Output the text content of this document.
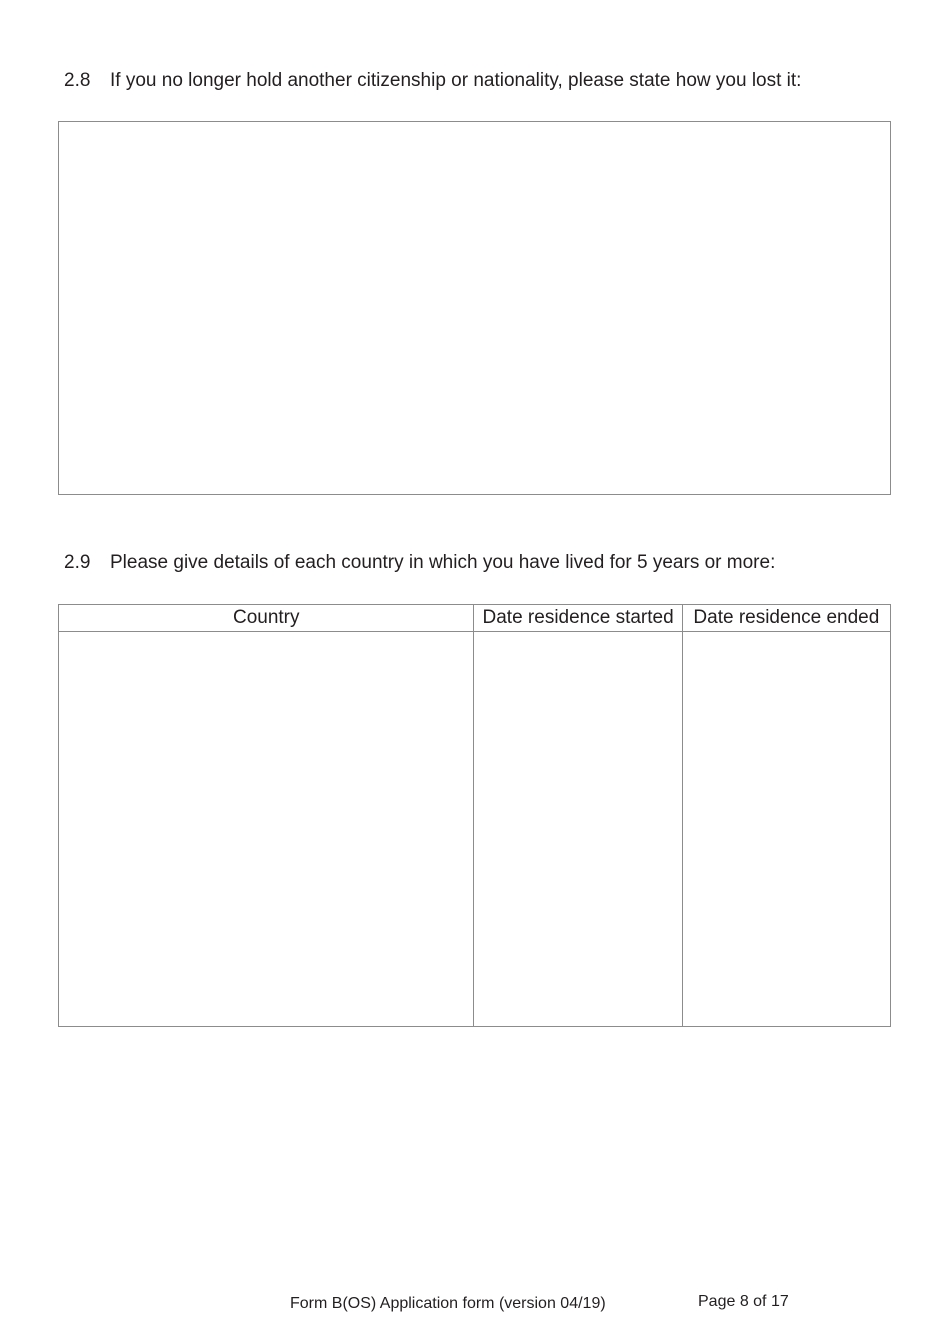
2.8 If you no longer hold another citizenship or nationality, please state how you lost it:
2.9 Please give details of each country in which you have lived for 5 years or more:
Country	Date residence started	Date residence ended

Form B(OS) Application form (version 04/19)	Page 8 of 17
